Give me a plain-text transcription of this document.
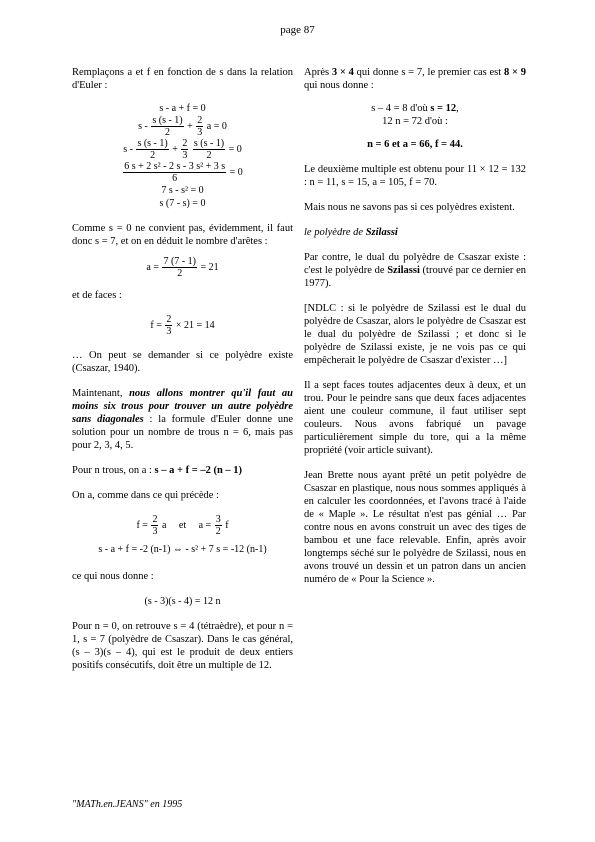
page 87

Remplaçons a et f en fonction de s dans la relation d'Euler :

s - a + f = 0

$s - \frac{s (s - 1)}{2} + \frac{2}{3}$ a = 0

$s - \frac{s (s - 1)}{2} + \frac{2}{3}$
$\frac{s (s - 1)}{2} = 0$

$\frac{\text{6 s + 2 s² - 2 s - 3 s² + 3 s}}{6} = 0$

7 s - s² = 0

s (7 - s) = 0

Comme s = 0 ne convient pas, évidemment, il faut donc s = 7, et on en déduit le nombre d'arêtes :

$a = \frac{7 (7 - 1)}{2} = 21$

et de faces :

$f = \frac{2}{3} \times 21 = 14$

… On peut se demander si ce polyèdre existe (Csaszar, 1940).

Maintenant, nous allons montrer qu'il faut au moins six trous pour trouver un autre polyèdre sans diagonales : la formule d'Euler donne une solution pour un nombre de trous n = 6, mais pas pour 2, 3, 4, 5.

Pour n trous, on a : s – a + f = –2 (n – 1)

On a, comme dans ce qui précède :

$f = \frac{2}{3}$ a     et     $a = \frac{3}{2}$ f

s - a + f = -2 (n-1) ⇔ - s² + 7 s = -12 (n-1)

ce qui nous donne :

(s - 3)(s - 4) = 12 n

Pour n = 0, on retrouve s = 4 (tétraèdre), et pour n = 1, s = 7 (polyèdre de Csaszar). Dans le cas général, (s – 3)(s – 4), qui est le produit de deux entiers positifs consécutifs, doit être un multiple de 12.

Après 3 × 4 qui donne s = 7, le premier cas est 8 × 9 qui nous donne :

s – 4 = 8 d'où s = 12,

12 n = 72 d'où :

n = 6 et a = 66, f = 44.

Le deuxième multiple est obtenu pour 11 × 12 = 132 : n = 11, s = 15, a = 105, f = 70.

Mais nous ne savons pas si ces polyèdres existent.

le polyèdre de Szilassi

Par contre, le dual du polyèdre de Csaszar existe : c'est le polyèdre de Szilassi (trouvé par ce dernier en 1977).

[NDLC : si le polyèdre de Szilassi est le dual du polyèdre de Csaszar, alors le polyèdre de Csaszar est le dual du polyèdre de Szilassi ; et donc si le polyèdre de Szilassi existe, je ne vois pas ce qui empêcherait le polyèdre de Csaszar d'exister …]

Il a sept faces toutes adjacentes deux à deux, et un trou. Pour le peindre sans que deux faces adjacentes aient une couleur commune, il faut utiliser sept couleurs. Nous avons fabriqué un pavage particulièrement simple du tore, qui a la même propriété (voir article suivant).

Jean Brette nous ayant prêté un petit polyèdre de Csaszar en plastique, nous nous sommes appliqués à en calculer les coordonnées, et l'avons tracé à l'aide de « Maple ». Le résultat n'est pas génial … Par contre nous en avons construit un avec des tiges de bambou et une face relevable. Enfin, après avoir longtemps séché sur le polyèdre de Szilassi, nous en avons trouvé un dessin et un patron dans un ancien numéro de « Pour la Science ».

"MATh.en.JEANS" en 1995
